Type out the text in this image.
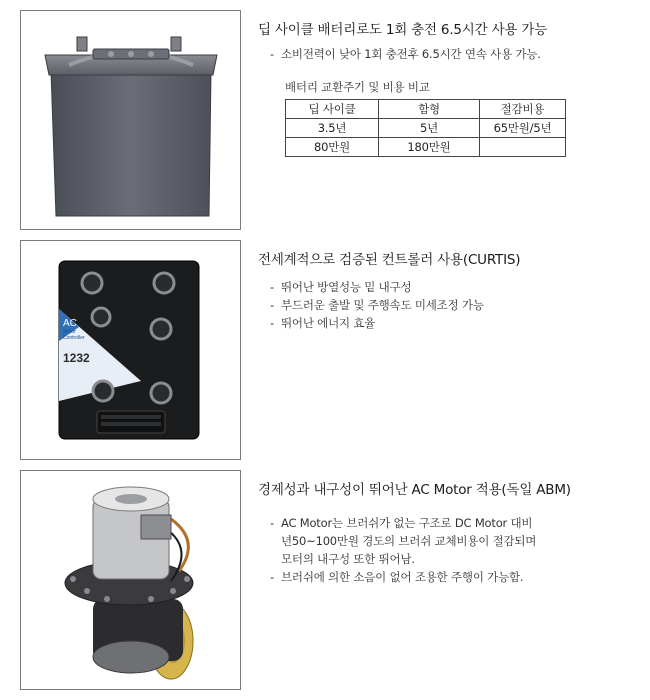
딥 사이클 배터리로도 1회 충전 6.5시간 사용 가능
- 소비전력이 낮아 1회 충전후 6.5시간 연속 사용 가능.

배터리 교환주기 및 비용 비교

딥 사이클	함형	절감비용
3.5년	5년	65만원/5년
80만원	180만원	
AC
Motor
Controller
1232
전세계적으로 검증된 컨트롤러 사용(CURTIS)
- 뛰어난 방열성능 밑 내구성
- 부드러운 출발 및 주행속도 미세조정 가능
- 뛰어난 에너지 효율
경제성과 내구성이 뛰어난 AC Motor 적용(독일 ABM)
- AC Motor는 브러쉬가 없는 구조로 DC Motor 대비
년50~100만원 경도의 브러쉬 교체비용이 절감되며
모터의 내구성 또한 뛰어남.
- 브러쉬에 의한 소음이 없어 조용한 주행이 가능함.
